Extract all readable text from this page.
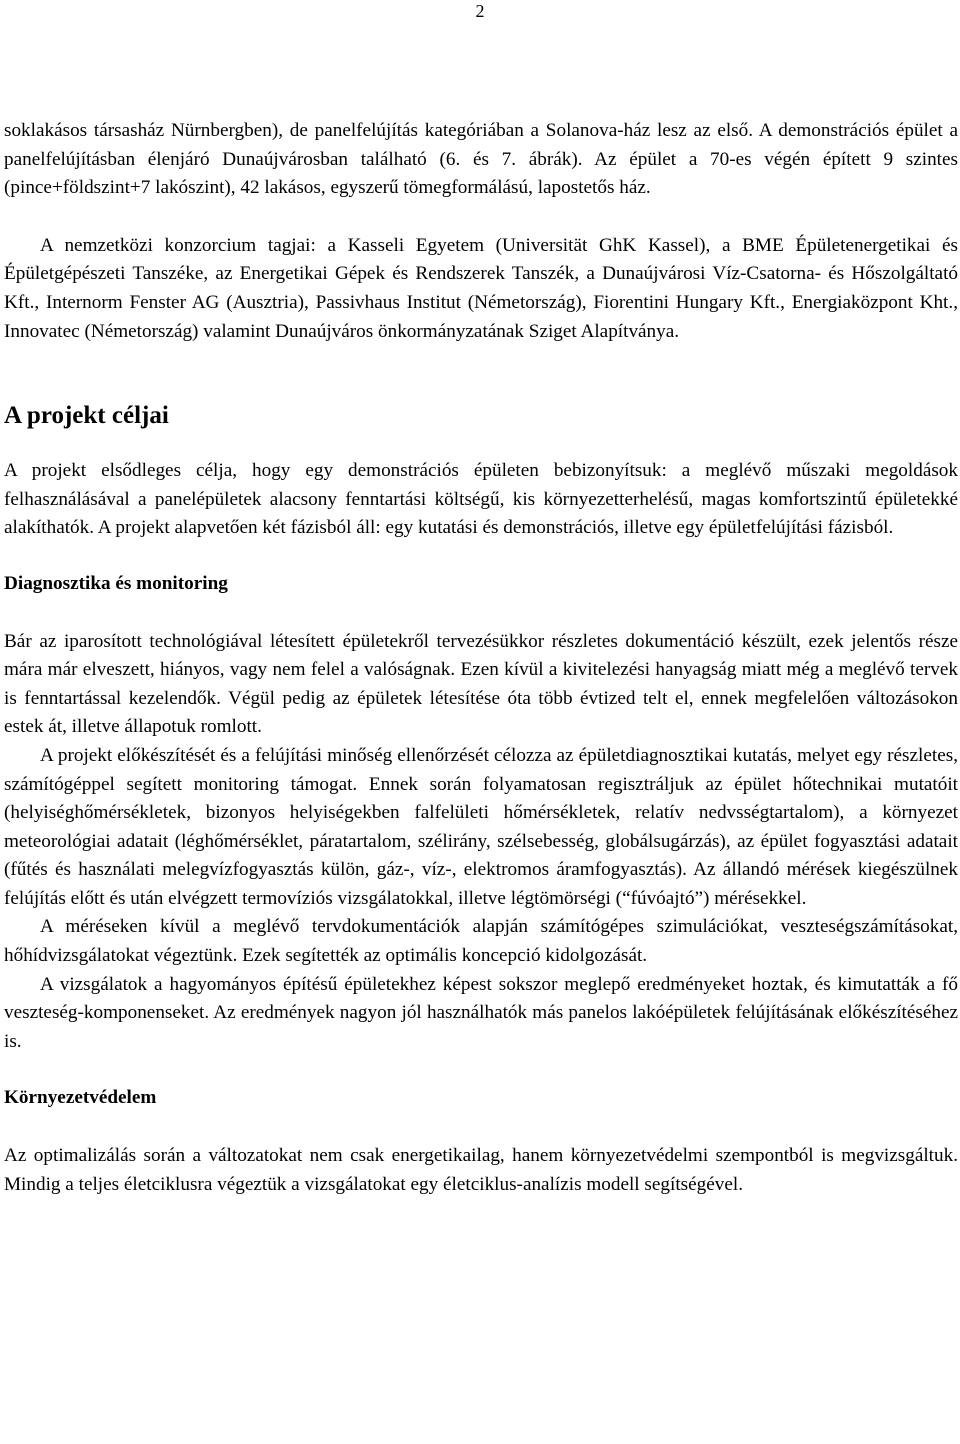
2

soklakásos társasház Nürnbergben), de panelfelújítás kategóriában a Solanova-ház lesz az első. A demonstrációs épület a panelfelújításban élenjáró Dunaújvárosban található (6. és 7. ábrák). Az épület a 70-es végén épített 9 szintes (pince+földszint+7 lakószint), 42 lakásos, egyszerű tömegformálású, lapostetős ház.

A nemzetközi konzorcium tagjai: a Kasseli Egyetem (Universität GhK Kassel), a BME Épületenergetikai és Épületgépészeti Tanszéke, az Energetikai Gépek és Rendszerek Tanszék, a Dunaújvárosi Víz-Csatorna- és Hőszolgáltató Kft., Internorm Fenster AG (Ausztria), Passivhaus Institut (Németország), Fiorentini Hungary Kft., Energiaközpont Kht., Innovatec (Németország) valamint Dunaújváros önkormányzatának Sziget Alapítványa.

A projekt céljai

A projekt elsődleges célja, hogy egy demonstrációs épületen bebizonyítsuk: a meglévő műszaki megoldások felhasználásával a panelépületek alacsony fenntartási költségű, kis környezetterhelésű, magas komfortszintű épületekké alakíthatók. A projekt alapvetően két fázisból áll: egy kutatási és demonstrációs, illetve egy épületfelújítási fázisból.

Diagnosztika és monitoring

Bár az iparosított technológiával létesített épületekről tervezésükkor részletes dokumentáció készült, ezek jelentős része mára már elveszett, hiányos, vagy nem felel a valóságnak. Ezen kívül a kivitelezési hanyagság miatt még a meglévő tervek is fenntartással kezelendők. Végül pedig az épületek létesítése óta több évtized telt el, ennek megfelelően változásokon estek át, illetve állapotuk romlott.

A projekt előkészítését és a felújítási minőség ellenőrzését célozza az épületdiagnosztikai kutatás, melyet egy részletes, számítógéppel segített monitoring támogat. Ennek során folyamatosan regisztráljuk az épület hőtechnikai mutatóit (helyiséghőmérsékletek, bizonyos helyiségekben falfelületi hőmérsékletek, relatív nedvsségtartalom), a környezet meteorológiai adatait (léghőmérséklet, páratartalom, szélirány, szélsebesség, globálsugárzás), az épület fogyasztási adatait (fűtés és használati melegvízfogyasztás külön, gáz-, víz-, elektromos áramfogyasztás). Az állandó mérések kiegészülnek felújítás előtt és után elvégzett termovíziós vizsgálatokkal, illetve légtömörségi (“fúvóajtó”) mérésekkel.

A méréseken kívül a meglévő tervdokumentációk alapján számítógépes szimulációkat, veszteségszámításokat, hőhídvizsgálatokat végeztünk. Ezek segítették az optimális koncepció kidolgozását.

A vizsgálatok a hagyományos építésű épületekhez képest sokszor meglepő eredményeket hoztak, és kimutatták a fő veszteség-komponenseket. Az eredmények nagyon jól használhatók más panelos lakóépületek felújításának előkészítéséhez is.

Környezetvédelem

Az optimalizálás során a változatokat nem csak energetikailag, hanem környezetvédelmi szempontból is megvizsgáltuk. Mindig a teljes életciklusra végeztük a vizsgálatokat egy életciklus-analízis modell segítségével.
